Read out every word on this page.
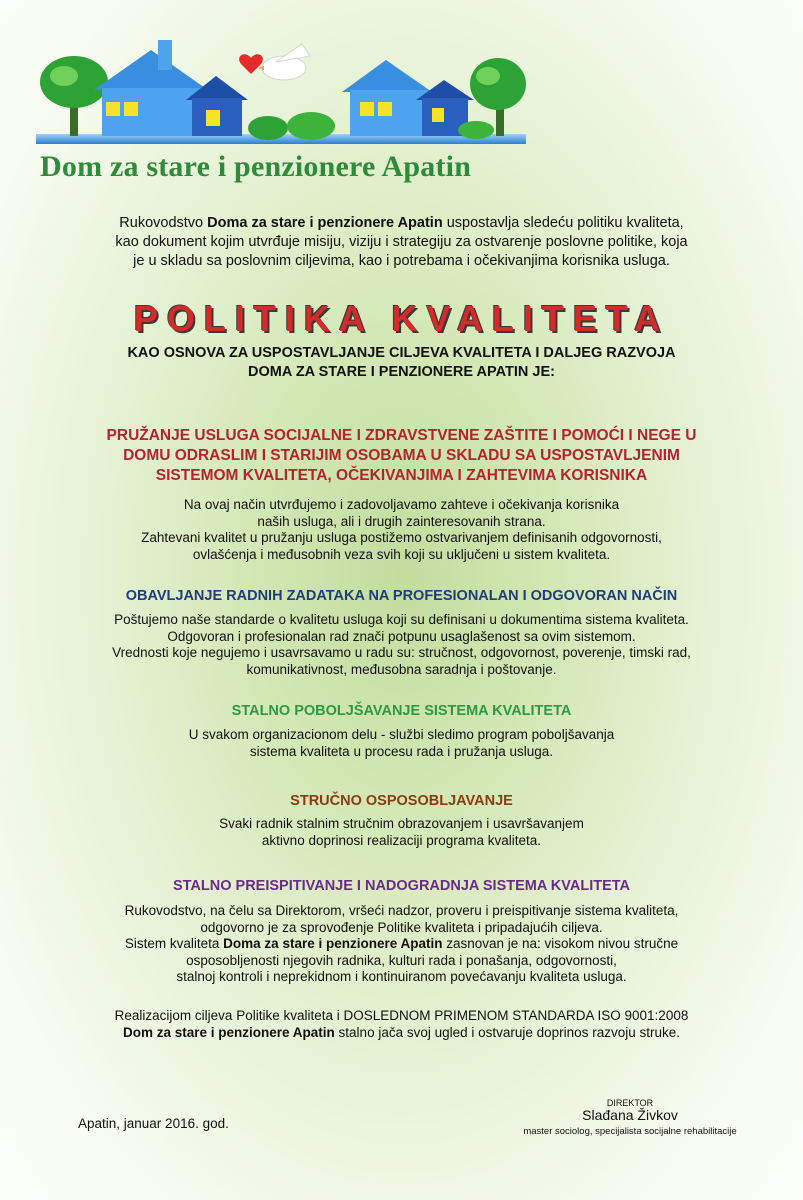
Dom za stare i penzionere Apatin
Rukovodstvo Doma za stare i penzionere Apatin uspostavlja sledeću politiku kvaliteta,
kao dokument kojim utvrđuje misiju, viziju i strategiju za ostvarenje poslovne politike, koja
je u skladu sa poslovnim ciljevima, kao i potrebama i očekivanjima korisnika usluga.
POLITIKA KVALITETA
KAO OSNOVA ZA USPOSTAVLJANJE CILJEVA KVALITETA I DALJEG RAZVOJA
DOMA ZA STARE I PENZIONERE APATIN JE:
PRUŽANJE USLUGA SOCIJALNE I ZDRAVSTVENE ZAŠTITE I POMOĆI I NEGE U
DOMU ODRASLIM I STARIJIM OSOBAMA U SKLADU SA USPOSTAVLJENIM
SISTEMOM KVALITETA, OČEKIVANJIMA I ZAHTEVIMA KORISNIKA
Na ovaj način utvrđujemo i zadovoljavamo zahteve i očekivanja korisnika
naših usluga, ali i drugih zainteresovanih strana.
Zahtevani kvalitet u pružanju usluga postižemo ostvarivanjem definisanih odgovornosti,
ovlašćenja i međusobnih veza svih koji su uključeni u sistem kvaliteta.
OBAVLJANJE RADNIH ZADATAKA NA PROFESIONALAN I ODGOVORAN NAČIN
Poštujemo naše standarde o kvalitetu usluga koji su definisani u dokumentima sistema kvaliteta.
Odgovoran i profesionalan rad znači potpunu usaglašenost sa ovim sistemom.
Vrednosti koje negujemo i usavrsavamo u radu su: stručnost, odgovornost, poverenje, timski rad,
komunikativnost, međusobna saradnja i poštovanje.
STALNO POBOLJŠAVANJE SISTEMA KVALITETA
U svakom organizacionom delu - službi sledimo program poboljšavanja
sistema kvaliteta u procesu rada i pružanja usluga.
STRUČNO OSPOSOBLJAVANJE
Svaki radnik stalnim stručnim obrazovanjem i usavršavanjem
aktivno doprinosi realizaciji programa kvaliteta.
STALNO PREISPITIVANJE I NADOGRADNJA SISTEMA KVALITETA
Rukovodstvo, na čelu sa Direktorom, vršeći nadzor, proveru i preispitivanje sistema kvaliteta,
odgovorno je za sprovođenje Politike kvaliteta i pripadajućih ciljeva.
Sistem kvaliteta Doma za stare i penzionere Apatin zasnovan je na: visokom nivou stručne
osposobljenosti njegovih radnika, kulturi rada i ponašanja, odgovornosti,
stalnoj kontroli i neprekidnom i kontinuiranom povećavanju kvaliteta usluga.
Realizacijom ciljeva Politike kvaliteta i DOSLEDNOM PRIMENOM STANDARDA ISO 9001:2008
Dom za stare i penzionere Apatin stalno jača svoj ugled i ostvaruje doprinos razvoju struke.
Apatin, januar 2016. god.
DIREKTOR
Slađana Živkov
master sociolog, specijalista socijalne rehabilitacije
